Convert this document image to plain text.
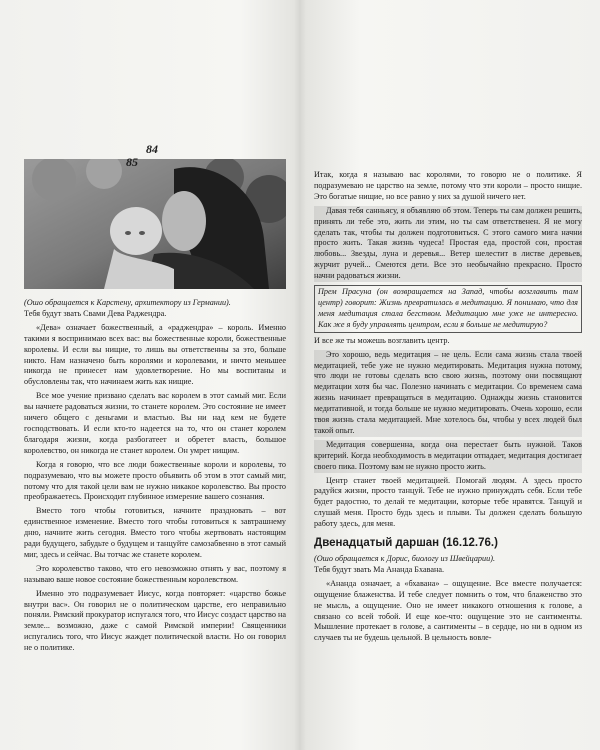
84

(Ошо обращается к Карстену, архитектору из Германии).

Тебя будут звать Свами Дева Раджендра.

«Дева» означает божественный, а «раджендра» – король. Именно такими я воспринимаю всех вас: вы божественные короли, божественные королевы. И если вы нищие, то лишь вы ответственны за это, больше никто. Нам назначено быть королями и королевами, и ничто меньшее никогда не принесет нам удовлетворение. Но мы воспитаны и обусловлены так, что начинаем жить как нищие.

Все мое учение призвано сделать вас королем в этот самый миг. Если вы начнете радоваться жизни, то станете королем. Это состояние не имеет ничего общего с деньгами и властью. Вы ни над кем не будете господствовать. И если кто-то надеется на то, что он станет королем благодаря жизни, когда разбогатеет и обретет власть, большое королевство, он никогда не станет королем. Он умрет нищим.

Когда я говорю, что все люди божественные короли и королевы, то подразумеваю, что вы можете просто объявить об этом в этот самый миг, потому что для такой цели вам не нужно никакое королевство. Вы просто преображаетесь. Происходит глубинное измерение вашего сознания.

Вместо того чтобы готовиться, начните праздновать – вот единственное изменение. Вместо того чтобы готовиться к завтрашнему дню, начните жить сегодня. Вместо того чтобы жертвовать настоящим ради будущего, забудьте о будущем и танцуйте самозабвенно в этот самый миг, здесь и сейчас. Вы тотчас же станете королем.

Это королевство таково, что его невозможно отнять у вас, поэтому я называю ваше новое состояние божественным королевством.

Именно это подразумевает Иисус, когда повторяет: «царство божье внутри вас». Он говорил не о политическом царстве, его неправильно поняли. Римский прокуратор испугался того, что Иисус создаст царство на земле... возможно, даже с самой Римской империи! Священники испугались того, что Иисус жаждет политической власти. Но он говорил не о политике.

85

Итак, когда я называю вас королями, то говорю не о политике. Я подразумеваю не царство на земле, потому что эти короли – просто нищие. Это богатые нищие, но все равно у них за душой ничего нет.

Давая тебя санньясу, я объявляю об этом. Теперь ты сам должен решить, принять ли тебе это, жить ли этим, но ты сам ответственен. Я не могу сделать так, чтобы ты должен подготовиться. С этого самого мига начни просто жить. Такая жизнь чудеса! Простая еда, простой сон, простая любовь... Звезды, луна и деревья... Ветер шелестит в листве деревьев, журчит ручей... Смеются дети. Все это необычайно прекрасно. Просто начни радоваться жизни.

Прем Прасуна (он возвращается на Запад, чтобы возглавить там центр) говорит: Жизнь превратилась в медитацию. Я понимаю, что для меня медитация стала бегством. Медитацию мне уже не интересно. Как же я буду управлять центром, если я больше не медитирую?

И все же ты можешь возглавить центр.

Это хорошо, ведь медитация – не цель. Если сама жизнь стала твоей медитацией, тебе уже не нужно медитировать. Медитация нужна потому, что люди не готовы сделать всю свою жизнь, поэтому они посвящают медитации хотя бы час. Полезно начинать с медитации. Со временем сама жизнь начинает превращаться в медитацию. Однажды жизнь становится медитативной, и тогда больше не нужно медитировать. Очень хорошо, если твоя жизнь стала медитацией. Мне хотелось бы, чтобы у всех людей был такой опыт.

Медитация совершенна, когда она перестает быть нужной. Таков критерий. Когда необходимость в медитации отпадает, медитация достигает своего пика. Поэтому вам не нужно просто жить.

Центр станет твоей медитацией. Помогай людям. А здесь просто радуйся жизни, просто танцуй. Тебе не нужно принуждать себя. Если тебе будет радостно, то делай те медитации, которые тебе нравятся. Танцуй и слушай меня. Просто будь здесь и плыви. Ты должен сделать большую работу здесь, для меня.

Двенадцатый даршан (16.12.76.)

(Ошо обращается к Дорис, биологу из Швейцарии).

Тебя будут звать Ма Ананда Бхавана.

«Ананда означает, а «бхавана» – ощущение. Все вместе получается: ощущение блаженства. И тебе следует помнить о том, что блаженство это не мысль, а ощущение. Оно не имеет никакого отношения к голове, а связано со всей тобой. И еще кое-что: ощущение это не сантименты. Мышление протекает в голове, а сантименты – в сердце, но ни в одном из случаев ты не будешь цельной. В цельность вовле-
